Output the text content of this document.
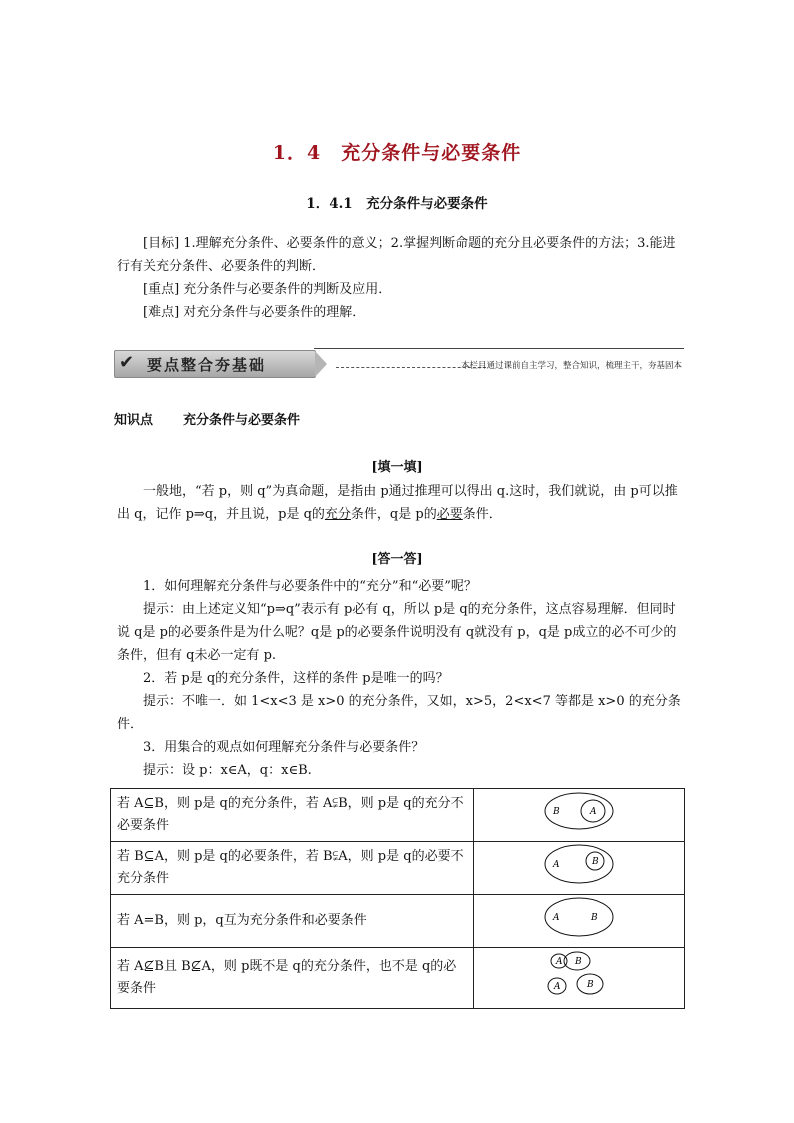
1．4　充分条件与必要条件
1．4.1　充分条件与必要条件
[目标] 1.理解充分条件、必要条件的意义；2.掌握判断命题的充分且必要条件的方法；3.能进行有关充分条件、必要条件的判断．
[重点] 充分条件与必要条件的判断及应用．
[难点] 对充分条件与必要条件的理解．
✔ 要点整合夯基础	本栏目通过课前自主学习，整合知识，梳理主干，夯基固本
知识点 充分条件与必要条件
[填一填]
一般地，“若 p，则 q”为真命题，是指由 p通过推理可以得出 q.这时，我们就说，由 p可以推出 q，记作 p⇒q，并且说，p是 q的充分条件，q是 p的必要条件．
[答一答]
1．如何理解充分条件与必要条件中的“充分”和“必要”呢？
提示：由上述定义知“p⇒q”表示有 p必有 q，所以 p是 q的充分条件，这点容易理解．但同时说 q是 p的必要条件是为什么呢？q是 p的必要条件说明没有 q就没有 p，q是 p成立的必不可少的条件，但有 q未必一定有 p.
2．若 p是 q的充分条件，这样的条件 p是唯一的吗？
提示：不唯一．如 1<x<3 是 x>0 的充分条件，又如，x>5，2<x<7 等都是 x>0 的充分条件．
3．用集合的观点如何理解充分条件与必要条件？
提示：设 p：x∈A，q：x∈B.
若 A⊆B，则 p是 q的充分条件，若 A⫋B，则 p是 q的充分不必要条件	B A

若 B⊆A，则 p是 q的必要条件，若 B⫋A，则 p是 q的必要不充分条件	A B

若 A=B，则 p，q互为充分条件和必要条件	A B

若 A⊈B且 B⊈A，则 p既不是 q的充分条件，也不是 q的必要条件	A B
A B
